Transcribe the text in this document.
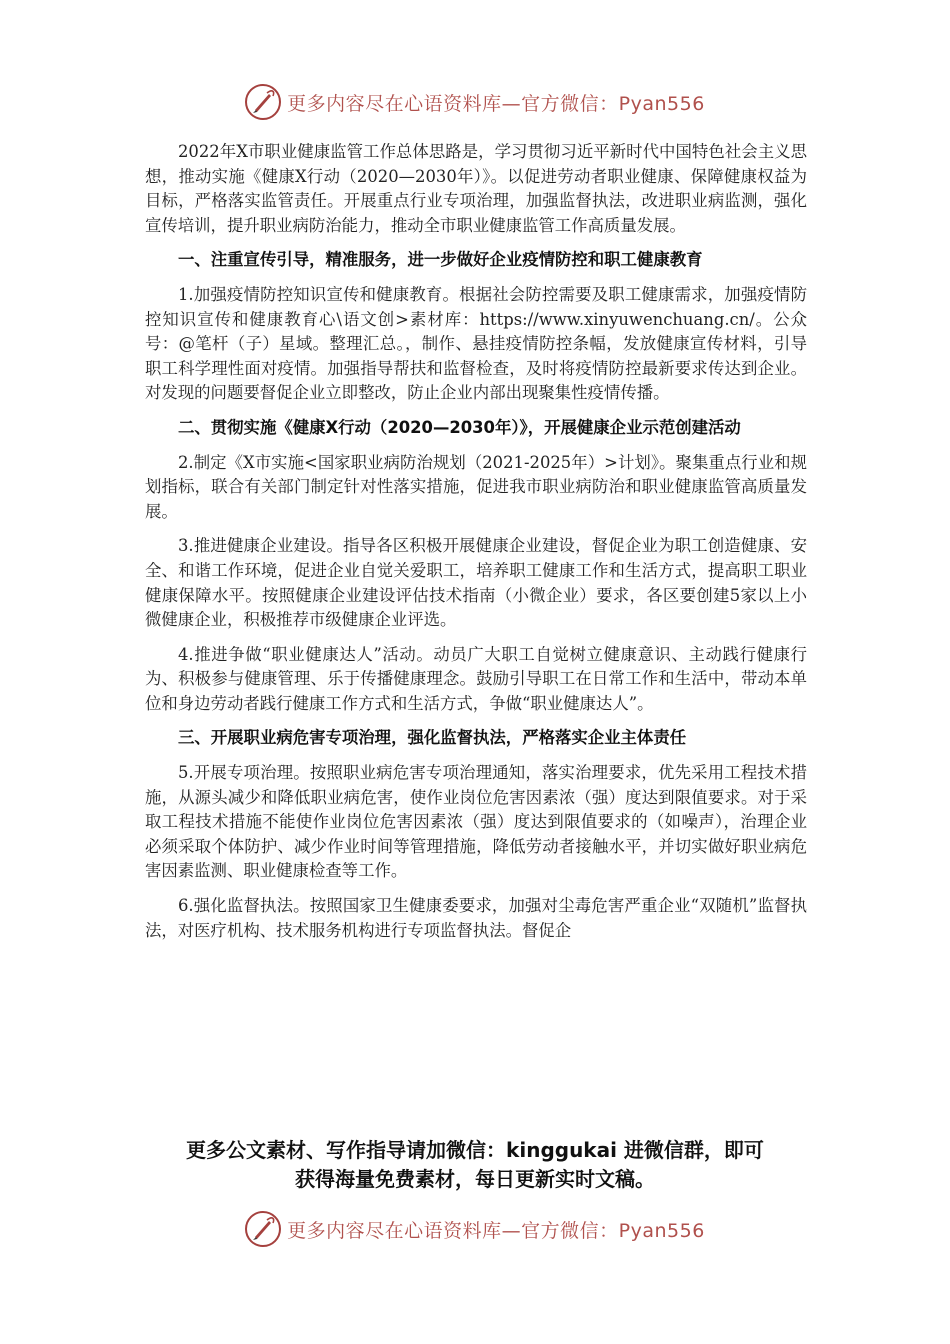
更多内容尽在心语资料库—官方微信：Pyan556

2022年X市职业健康监管工作总体思路是，学习贯彻习近平新时代中国特色社会主义思想，推动实施《健康X行动（2020—2030年）》。以促进劳动者职业健康、保障健康权益为目标，严格落实监管责任。开展重点行业专项治理，加强监督执法，改进职业病监测，强化宣传培训，提升职业病防治能力，推动全市职业健康监管工作高质量发展。

一、注重宣传引导，精准服务，进一步做好企业疫情防控和职工健康教育

1.加强疫情防控知识宣传和健康教育。根据社会防控需要及职工健康需求，加强疫情防控知识宣传和健康教育心\语文创>素材库：https://www.xinyuwenchuang.cn/。公众号：@笔杆（子）星域。整理汇总。，制作、悬挂疫情防控条幅，发放健康宣传材料，引导职工科学理性面对疫情。加强指导帮扶和监督检查，及时将疫情防控最新要求传达到企业。对发现的问题要督促企业立即整改，防止企业内部出现聚集性疫情传播。

二、贯彻实施《健康X行动（2020—2030年）》，开展健康企业示范创建活动

2.制定《X市实施<国家职业病防治规划（2021-2025年）>计划》。聚集重点行业和规划指标，联合有关部门制定针对性落实措施，促进我市职业病防治和职业健康监管高质量发展。

3.推进健康企业建设。指导各区积极开展健康企业建设，督促企业为职工创造健康、安全、和谐工作环境，促进企业自觉关爱职工，培养职工健康工作和生活方式，提高职工职业健康保障水平。按照健康企业建设评估技术指南（小微企业）要求，各区要创建5家以上小微健康企业，积极推荐市级健康企业评选。

4.推进争做“职业健康达人”活动。动员广大职工自觉树立健康意识、主动践行健康行为、积极参与健康管理、乐于传播健康理念。鼓励引导职工在日常工作和生活中，带动本单位和身边劳动者践行健康工作方式和生活方式，争做“职业健康达人”。

三、开展职业病危害专项治理，强化监督执法，严格落实企业主体责任

5.开展专项治理。按照职业病危害专项治理通知，落实治理要求，优先采用工程技术措施，从源头减少和降低职业病危害，使作业岗位危害因素浓（强）度达到限值要求。对于采取工程技术措施不能使作业岗位危害因素浓（强）度达到限值要求的（如噪声），治理企业必须采取个体防护、减少作业时间等管理措施，降低劳动者接触水平，并切实做好职业病危害因素监测、职业健康检查等工作。

6.强化监督执法。按照国家卫生健康委要求，加强对尘毒危害严重企业“双随机”监督执法，对医疗机构、技术服务机构进行专项监督执法。督促企

更多公文素材、写作指导请加微信：kinggukai 进微信群，即可
获得海量免费素材，每日更新实时文稿。
更多内容尽在心语资料库—官方微信：Pyan556
